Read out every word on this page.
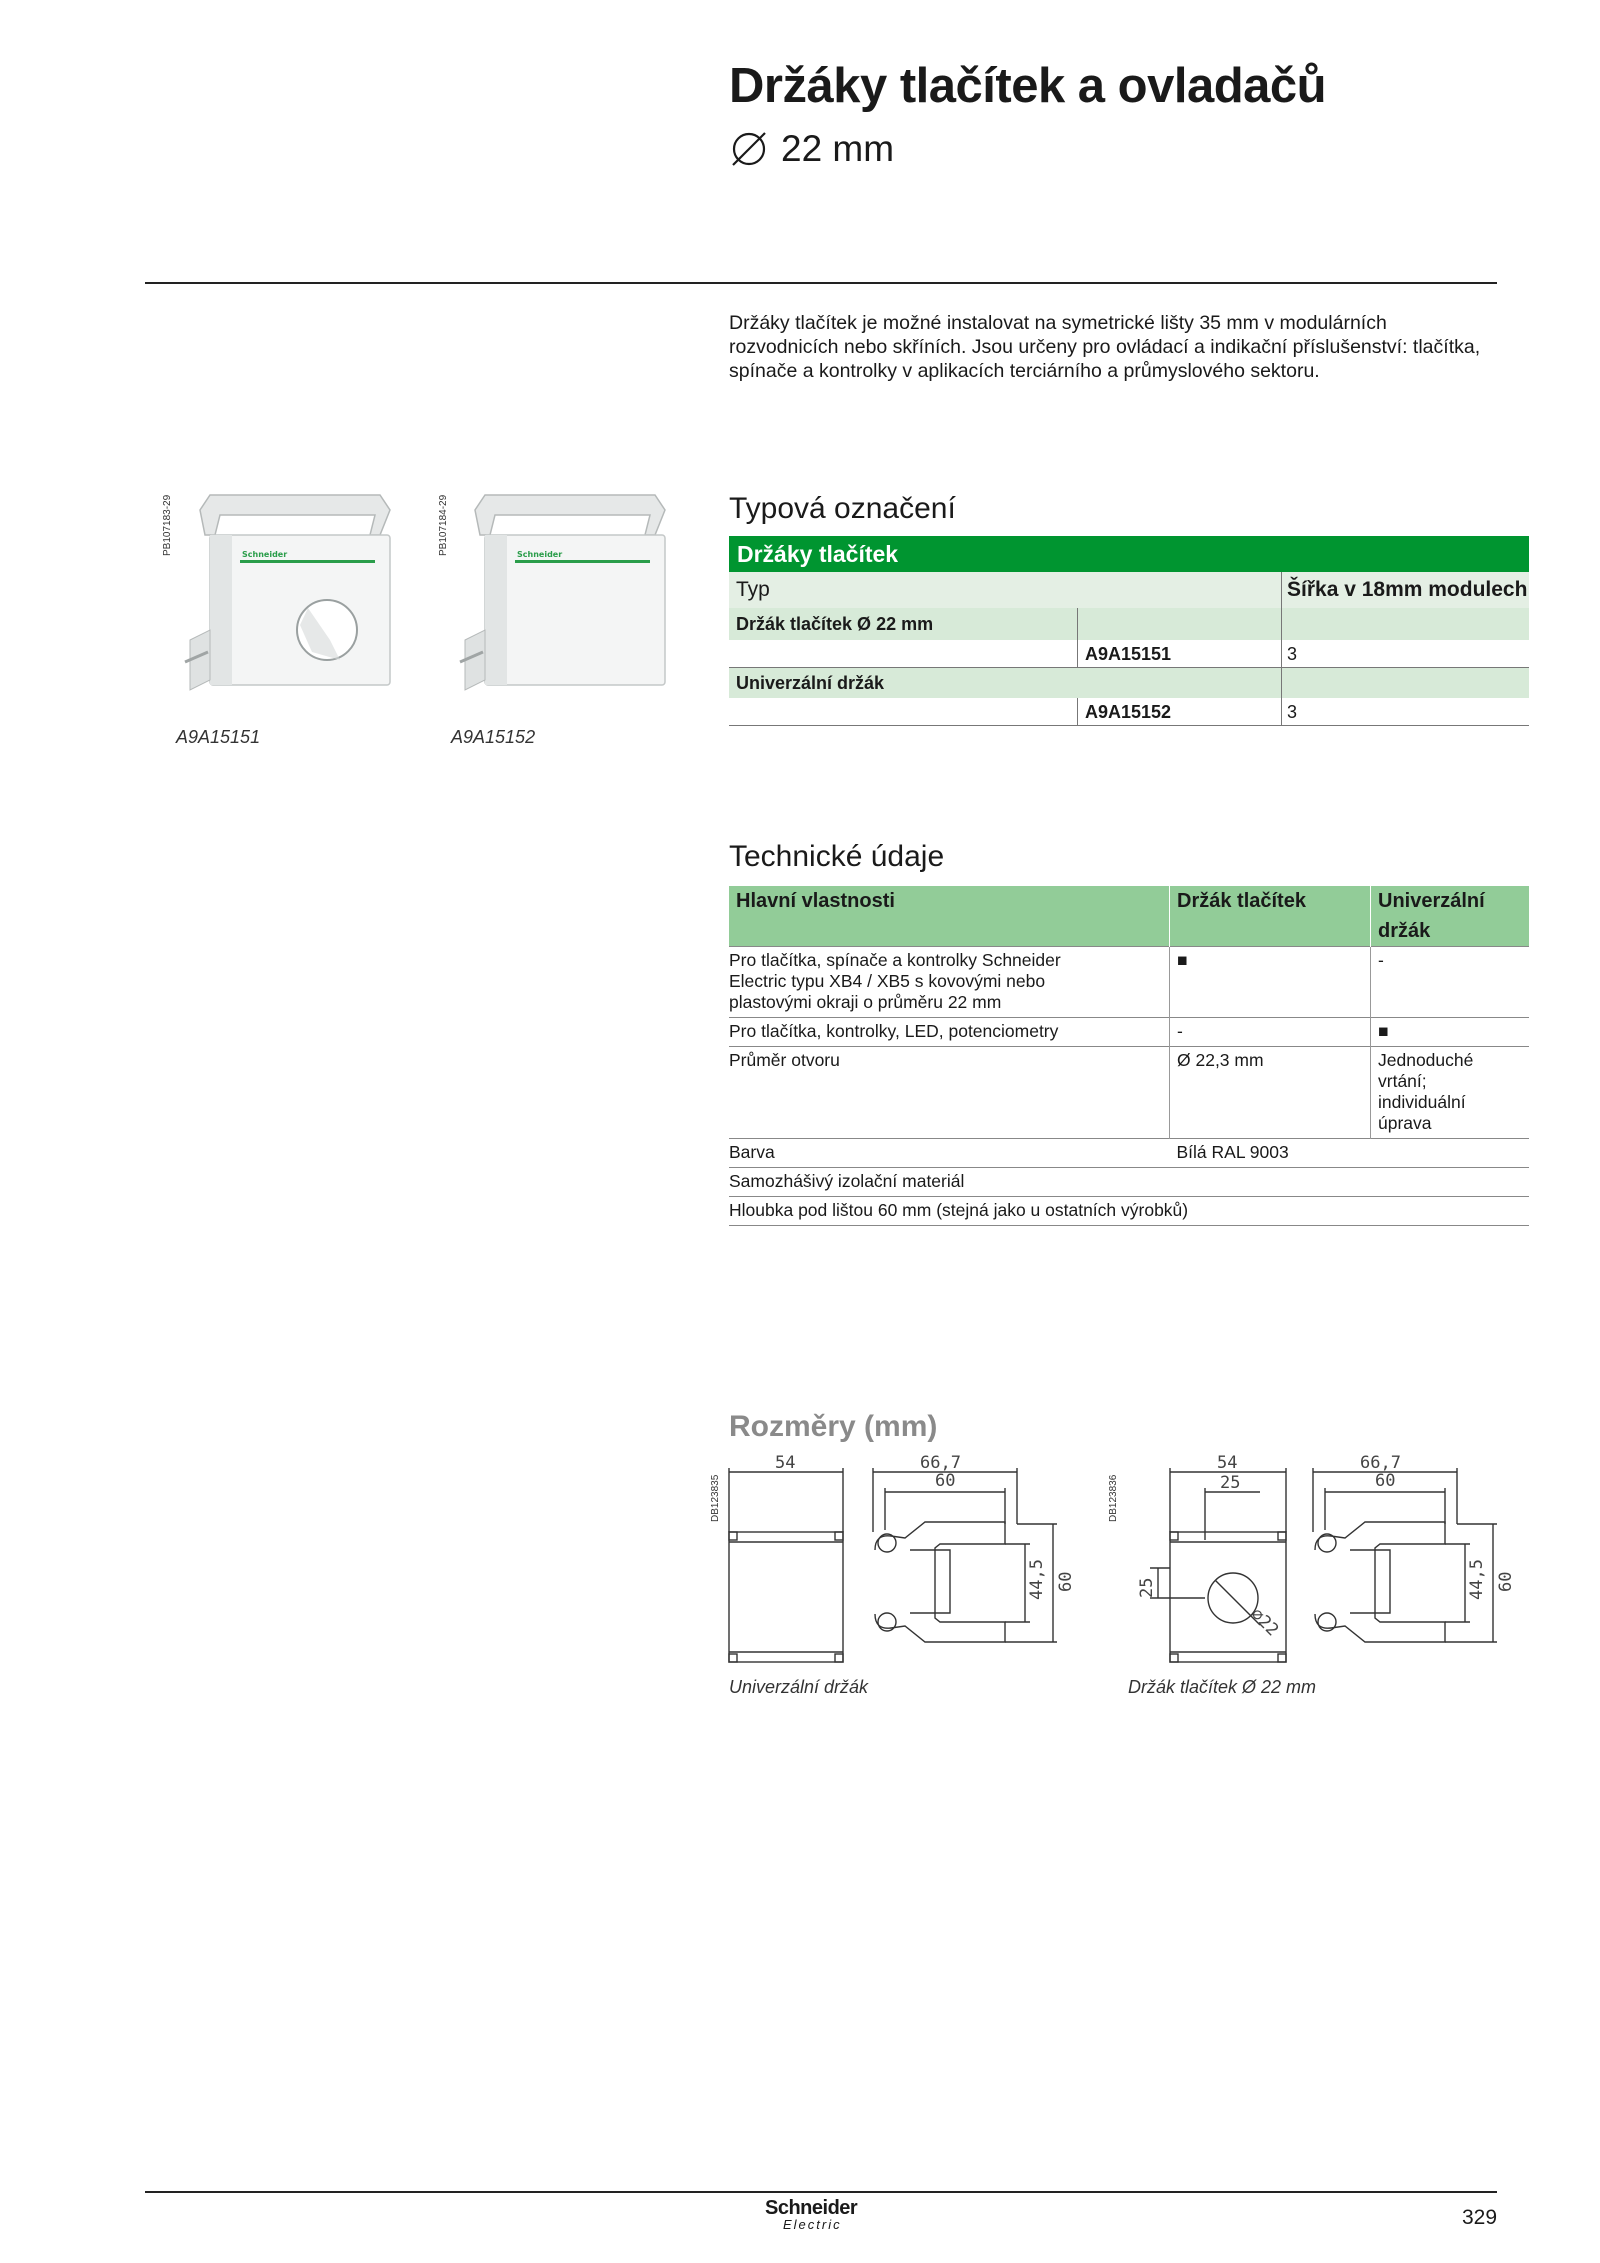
Držáky tlačítek a ovladačů
22 mm
Držáky tlačítek je možné instalovat na symetrické lišty 35 mm v modulárních rozvodnicích nebo skříních. Jsou určeny pro ovládací a indikační příslušenství: tlačítka, spínače a kontrolky v aplikacích terciárního a průmyslového sektoru.
PB107183-29	Schneider
A9A15151
PB107184-29	Schneider
A9A15152
Typová označení
Držáky tlačítek
Typ	Šířka v 18mm modulech
Držák tlačítek Ø 22 mm
A9A15151	3
Univerzální držák
A9A15152	3
Technické údaje
Hlavní vlastnosti	Držák tlačítek	Univerzální držák
Pro tlačítka, spínače a kontrolky Schneider Electric typu XB4 / XB5 s kovovými nebo plastovými okraji o průměru 22 mm	■	-
Pro tlačítka, kontrolky, LED, potenciometry	-	■
Průměr otvoru	Ø 22,3 mm	Jednoduché vrtání; individuální úprava
Barva	Bílá RAL 9003	
Samozhášivý izolační materiál		
Hloubka pod lištou 60 mm (stejná jako u ostatních výrobků)		
Rozměry (mm)
DB123835	DB123836
54	66,7
60
44,5 60
Univerzální držák
54
25
25
⌀22
66,7
60
44,5 60
Držák tlačítek Ø 22 mm
Schneider
Electric	329
